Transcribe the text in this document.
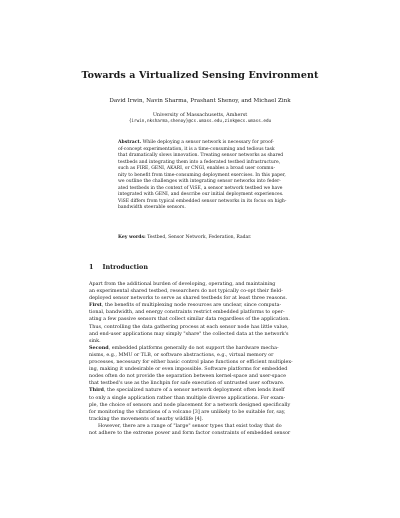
Towards a Virtualized Sensing Environment
David Irwin, Navin Sharma, Prashant Shenoy, and Michael Zink
University of Massachusetts, Amherst
{irwin,nksharma,shenoy}@cs.umass.edu,zink@ecs.umass.edu
Abstract. While deploying a sensor network is necessary for proof-
of-concept experimentation, it is a time-consuming and tedious task
that dramatically slows innovation. Treating sensor networks as shared
testbeds and integrating them into a federated testbed infrastructure,
such as FIRE, GENI, AKARI, or CNGI, enables a broad user commu-
nity to benefit from time-consuming deployment exercises. In this paper,
we outline the challenges with integrating sensor networks into feder-
ated testbeds in the context of ViSE, a sensor network testbed we have
integrated with GENI, and describe our initial deployment experiences.
ViSE differs from typical embedded sensor networks in its focus on high-
bandwidth steerable sensors.
Key words: Testbed, Sensor Network, Federation, Radar.
1 Introduction
Apart from the additional burden of developing, operating, and maintaining
an experimental shared testbed, researchers do not typically co-opt their field-
deployed sensor networks to serve as shared testbeds for at least three reasons.
First, the benefits of multiplexing node resources are unclear, since computa-
tional, bandwidth, and energy constraints restrict embedded platforms to oper-
ating a few passive sensors that collect similar data regardless of the application.
Thus, controlling the data gathering process at each sensor node has little value,
and end-user applications may simply "share" the collected data at the network's
sink.
Second, embedded platforms generally do not support the hardware mecha-
nisms, e.g., MMU or TLB, or software abstractions, e.g., virtual memory or
processes, necessary for either basic control plane functions or efficient multiplex-
ing, making it undesirable or even impossible. Software platforms for embedded
nodes often do not provide the separation between kernel-space and user-space
that testbed's use as the linchpin for safe execution of untrusted user software.
Third, the specialized nature of a sensor network deployment often lends itself
to only a single application rather than multiple diverse applications. For exam-
ple, the choice of sensors and node placement for a network designed specifically
for monitoring the vibrations of a volcano [3] are unlikely to be suitable for, say,
tracking the movements of nearby wildlife [4].
However, there are a range of "large" sensor types that exist today that do
not adhere to the extreme power and form factor constraints of embedded sensor
